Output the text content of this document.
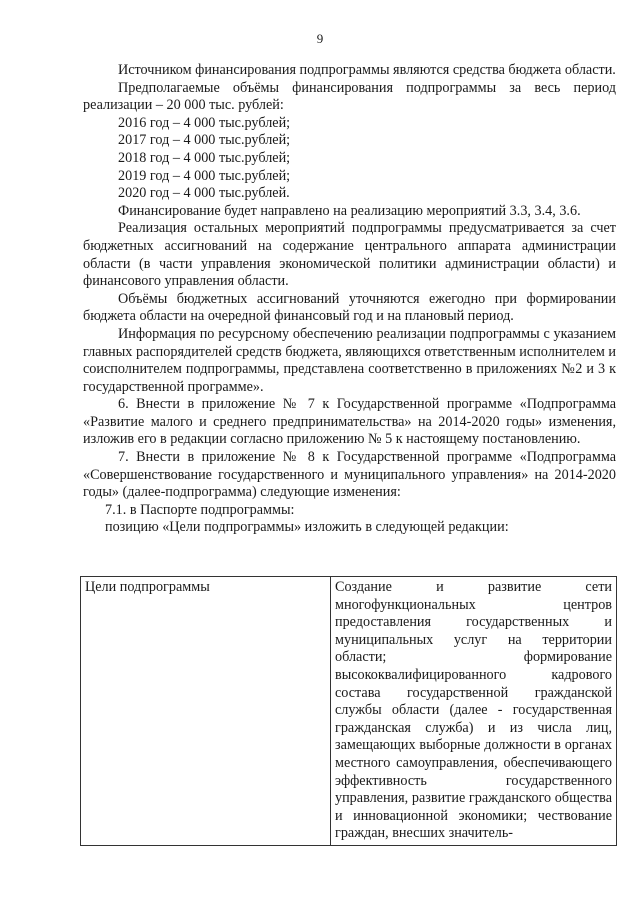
9

Источником финансирования подпрограммы являются средства бюджета области.

Предполагаемые объёмы финансирования подпрограммы за весь период реализации – 20 000 тыс. рублей:

2016 год – 4 000 тыс.рублей;

2017 год – 4 000 тыс.рублей;

2018 год – 4 000 тыс.рублей;

2019 год – 4 000 тыс.рублей;

2020 год – 4 000 тыс.рублей.

Финансирование будет направлено на реализацию мероприятий 3.3, 3.4, 3.6.

Реализация остальных мероприятий подпрограммы предусматривается за счет бюджетных ассигнований на содержание центрального аппарата администрации области (в части управления экономической политики администрации области) и финансового управления области.

Объёмы бюджетных ассигнований уточняются ежегодно при формировании бюджета области на очередной финансовый год и на плановый период.

Информация по ресурсному обеспечению реализации подпрограммы с указанием главных распорядителей средств бюджета, являющихся ответственным исполнителем и соисполнителем подпрограммы, представлена соответственно в приложениях №2 и 3 к государственной программе».

6. Внести в приложение № 7 к Государственной программе «Подпрограмма «Развитие малого и среднего предпринимательства» на 2014-2020 годы» изменения, изложив его в редакции согласно приложению № 5 к настоящему постановлению.

7. Внести в приложение № 8 к Государственной программе «Подпрограмма «Совершенствование государственного и муниципального управления» на 2014-2020 годы» (далее-подпрограмма) следующие изменения:

7.1. в Паспорте подпрограммы:

позицию «Цели подпрограммы» изложить в следующей редакции:

Цели подпрограммы	Создание и развитие сети многофункциональных центров предоставления государственных и муниципальных услуг на территории области; формирование высококвалифицированного кадрового состава государственной гражданской службы области (далее - государственная гражданская служба) и из числа лиц, замещающих выборные должности в органах местного самоуправления, обеспечивающего эффективность государственного управления, развитие гражданского общества и инновационной экономики; чествование граждан, внесших значитель-
